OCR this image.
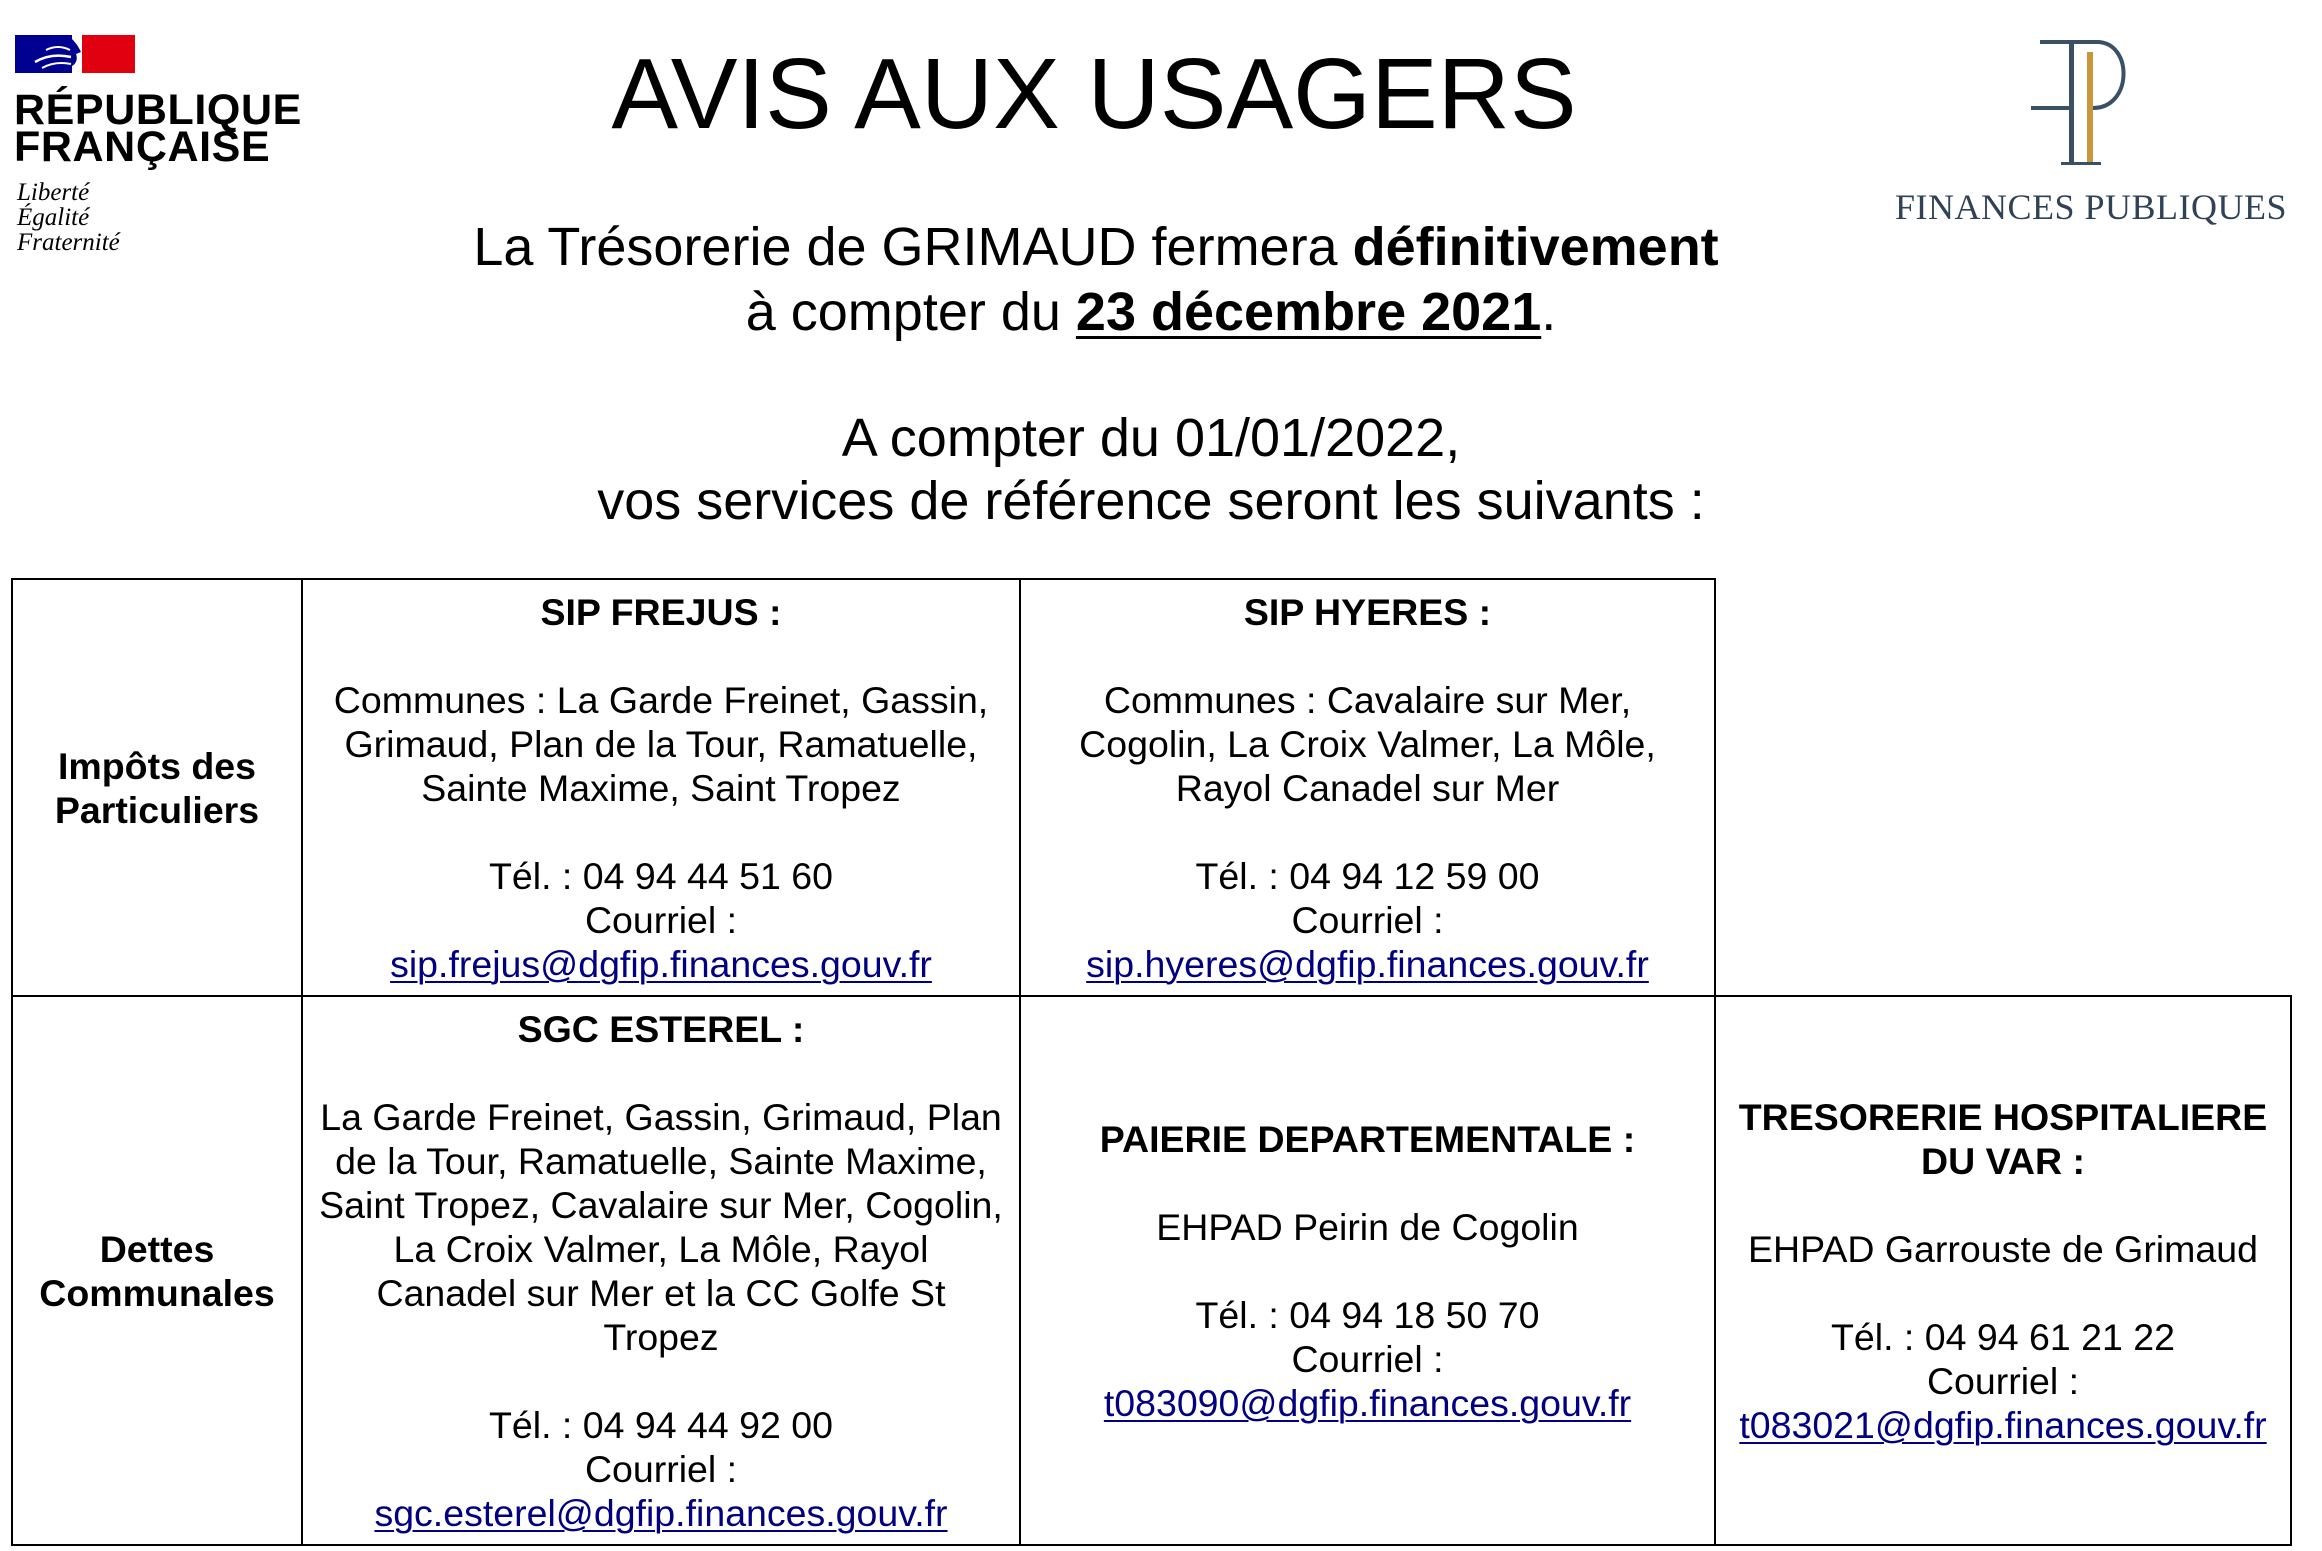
RÉPUBLIQUE
FRANÇAISE
Liberté
Égalité
Fraternité
AVIS AUX USAGERS
FINANCES PUBLIQUES
La Trésorerie de GRIMAUD fermera définitivement
à compter du 23 décembre 2021.
A compter du 01/01/2022,
vos services de référence seront les suivants :
Impôts des
Particuliers
SIP FREJUS :
Communes : La Garde Freinet, Gassin,
Grimaud, Plan de la Tour, Ramatuelle,
Sainte Maxime, Saint Tropez
Tél. : 04 94 44 51 60
Courriel :
sip.frejus@dgfip.finances.gouv.fr
SIP HYERES :
Communes : Cavalaire sur Mer,
Cogolin, La Croix Valmer, La Môle,
Rayol Canadel sur Mer
Tél. : 04 94 12 59 00
Courriel :
sip.hyeres@dgfip.finances.gouv.fr
Dettes
Communales
SGC ESTEREL :
La Garde Freinet, Gassin, Grimaud, Plan
de la Tour, Ramatuelle, Sainte Maxime,
Saint Tropez, Cavalaire sur Mer, Cogolin,
La Croix Valmer, La Môle, Rayol
Canadel sur Mer et la CC Golfe St
Tropez
Tél. : 04 94 44 92 00
Courriel :
sgc.esterel@dgfip.finances.gouv.fr
PAIERIE DEPARTEMENTALE :
EHPAD Peirin de Cogolin
Tél. : 04 94 18 50 70
Courriel :
t083090@dgfip.finances.gouv.fr
TRESORERIE HOSPITALIERE
DU VAR :
EHPAD Garrouste de Grimaud
Tél. : 04 94 61 21 22
Courriel :
t083021@dgfip.finances.gouv.fr
